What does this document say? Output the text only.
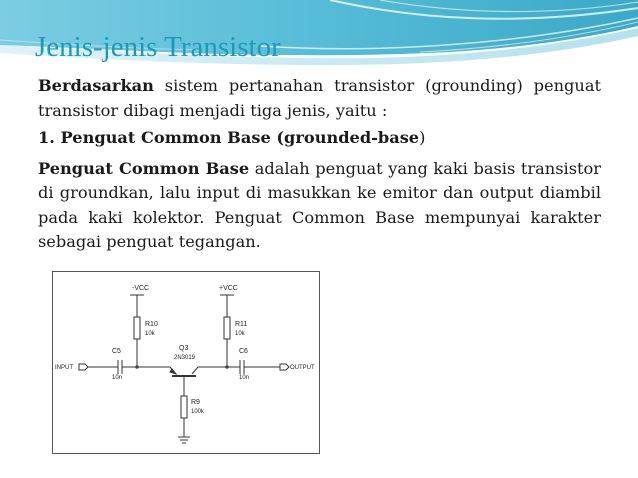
Jenis-jenis Transistor

Berdasarkan sistem pertanahan transistor (grounding) penguat transistor dibagi menjadi tiga jenis, yaitu :

1. Penguat Common Base (grounded-base)

Penguat Common Base adalah penguat yang kaki basis transistor di groundkan, lalu input di masukkan ke emitor dan output diambil pada kaki kolektor. Penguat Common Base mempunyai karakter sebagai penguat tegangan.

-VCC	+VCC
R10
10k
R11
10k
C5
10n
Q3
2N3019
C6
10n
INPUT	OUTPUT
R9
100k
